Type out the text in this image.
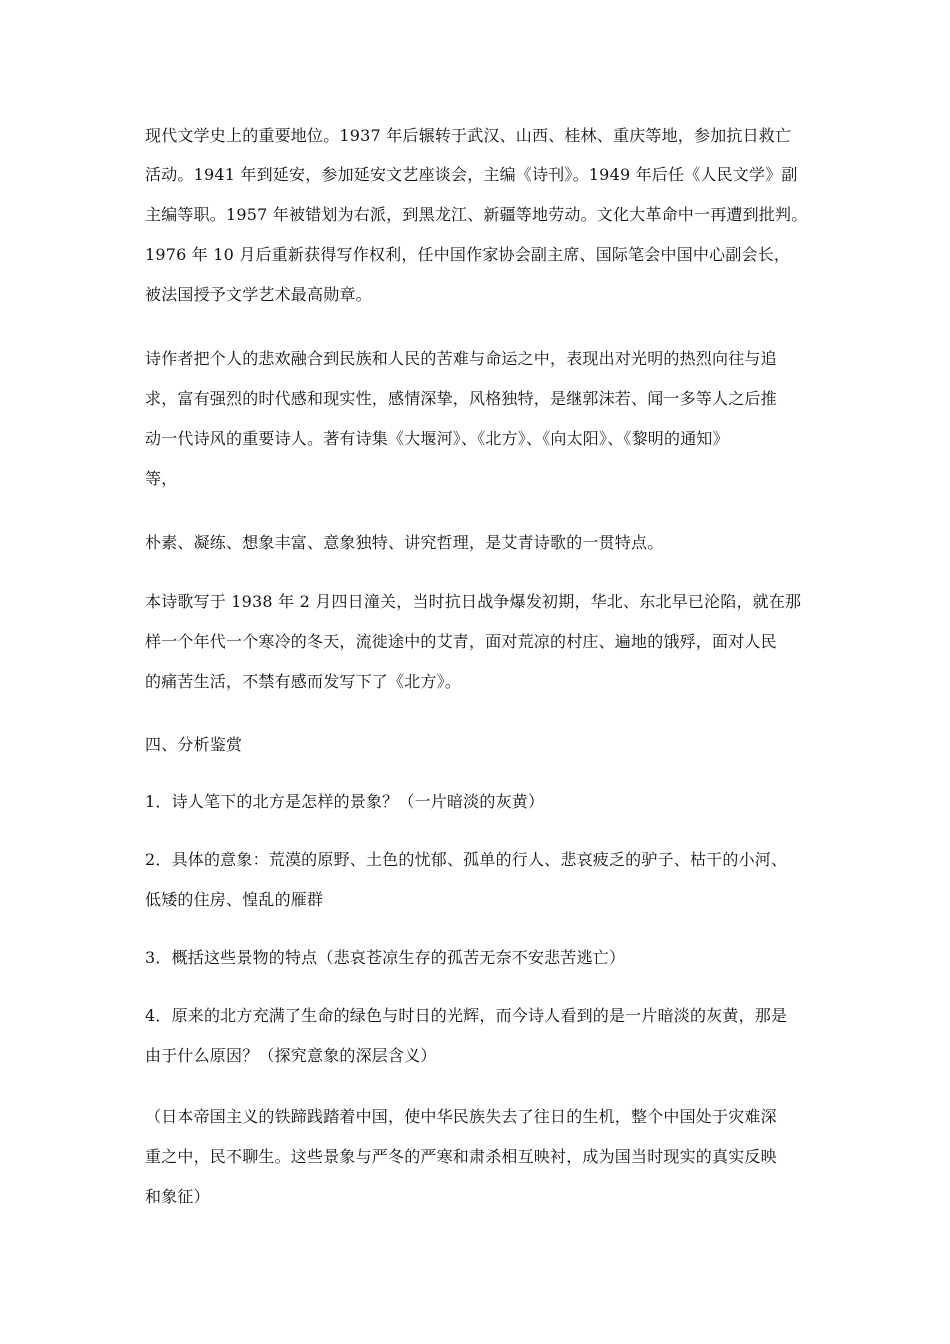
现代文学史上的重要地位。1937 年后辗转于武汉、山西、桂林、重庆等地，参加抗日救亡
活动。1941 年到延安，参加延安文艺座谈会，主编《诗刊》。1949 年后任《人民文学》副
主编等职。1957 年被错划为右派，到黑龙江、新疆等地劳动。文化大革命中一再遭到批判。
1976 年 10 月后重新获得写作权利，任中国作家协会副主席、国际笔会中国中心副会长，
被法国授予文学艺术最高勋章。
诗作者把个人的悲欢融合到民族和人民的苦难与命运之中，表现出对光明的热烈向往与追
求，富有强烈的时代感和现实性，感情深挚，风格独特，是继郭沫若、闻一多等人之后推
动一代诗风的重要诗人。著有诗集《大堰河》、《北方》、《向太阳》、《黎明的通知》
等，
朴素、凝练、想象丰富、意象独特、讲究哲理，是艾青诗歌的一贯特点。
本诗歌写于 1938 年 2 月四日潼关，当时抗日战争爆发初期，华北、东北早已沦陷，就在那
样一个年代一个寒冷的冬天，流徙途中的艾青，面对荒凉的村庄、遍地的饿殍，面对人民
的痛苦生活，不禁有感而发写下了《北方》。
四、分析鉴赏
1．诗人笔下的北方是怎样的景象？（一片暗淡的灰黄）
2．具体的意象：荒漠的原野、土色的忧郁、孤单的行人、悲哀疲乏的驴子、枯干的小河、
低矮的住房、惶乱的雁群
3．概括这些景物的特点（悲哀苍凉生存的孤苦无奈不安悲苦逃亡）
4．原来的北方充满了生命的绿色与时日的光辉，而今诗人看到的是一片暗淡的灰黄，那是
由于什么原因？（探究意象的深层含义）
（日本帝国主义的铁蹄践踏着中国，使中华民族失去了往日的生机，整个中国处于灾难深
重之中，民不聊生。这些景象与严冬的严寒和肃杀相互映衬，成为国当时现实的真实反映
和象征）
